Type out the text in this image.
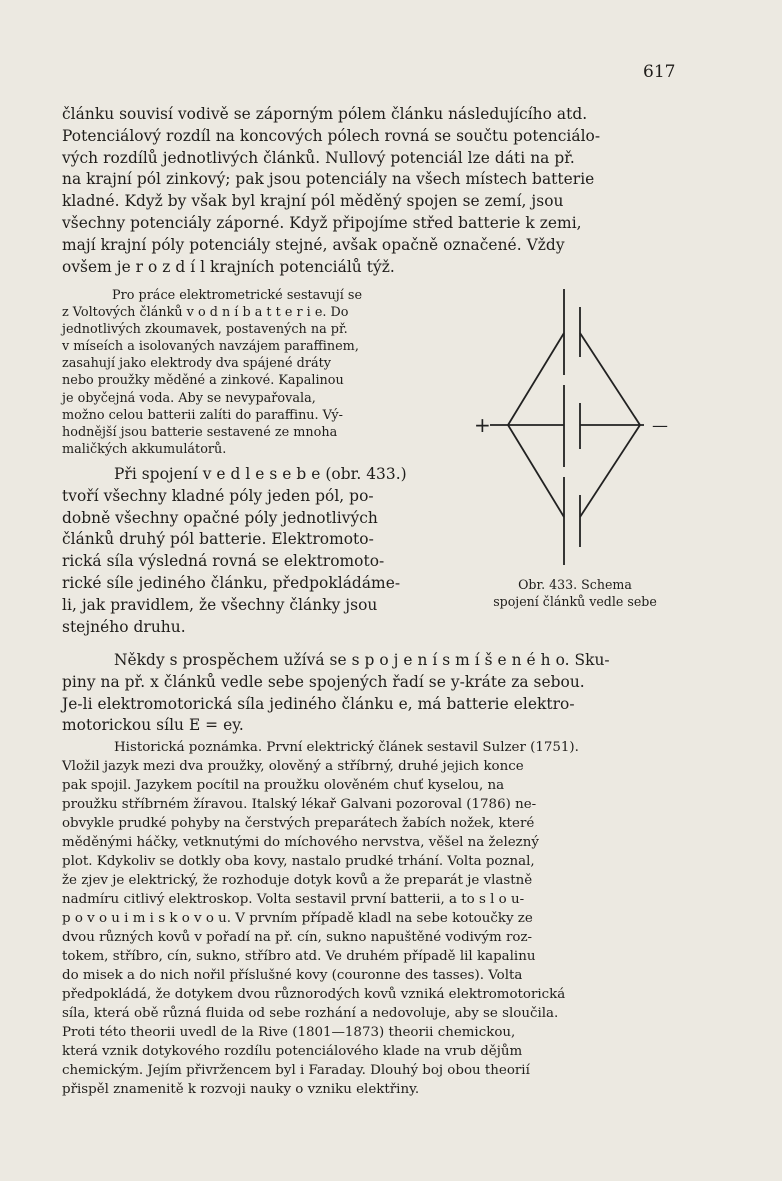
617
článku souvisí vodivě se záporným pólem článku následujícího atd.
Potenciálový rozdíl na koncových pólech rovná se součtu potenciálo-
vých rozdílů jednotlivých článků. Nullový potenciál lze dáti na př.
na krajní pól zinkový; pak jsou potenciály na všech místech batterie
kladné. Když by však byl krajní pól měděný spojen se zemí, jsou
všechny potenciály záporné. Když připojíme střed batterie k zemi,
mají krajní póly potenciály stejné, avšak opačně označené. Vždy
ovšem je r o z d í l krajních potenciálů týž.
Pro práce elektrometrické sestavují se
z Voltových článků v o d n í b a t t e r i e. Do
jednotlivých zkoumavek, postavených na př.
v míseích a isolovaných navzájem paraffinem,
zasahují jako elektrody dva spájené dráty
nebo proužky měděné a zinkové. Kapalinou
je obyčejná voda. Aby se nevypařovala,
možno celou batterii zalíti do paraffinu. Vý-
hodnější jsou batterie sestavené ze mnoha
maličkých akkumulátorů.
Při spojení v e d l e s e b e (obr. 433.)
tvoří všechny kladné póly jeden pól, po-
dobně všechny opačné póly jednotlivých
článků druhý pól batterie. Elektromoto-
rická síla výsledná rovná se elektromoto-
rické síle jediného článku, předpokládáme-
li, jak pravidlem, že všechny články jsou
stejného druhu.
+	—
Obr. 433. Schema
spojení článků vedle sebe
Někdy s prospěchem užívá se s p o j e n í s m í š e n é h o. Sku-
piny na př. x článků vedle sebe spojených řadí se y-kráte za sebou.
Je-li elektromotorická síla jediného článku e, má batterie elektro-
motorickou sílu E = ey.
Historická poznámka. První elektrický článek sestavil Sulzer (1751).
Vložil jazyk mezi dva proužky, olověný a stříbrný, druhé jejich konce
pak spojil. Jazykem pocítil na proužku olověném chuť kyselou, na
proužku stříbrném žíravou. Italský lékař Galvani pozoroval (1786) ne-
obvykle prudké pohyby na čerstvých preparátech žabích nožek, které
měděnými háčky, vetknutými do míchového nervstva, věšel na železný
plot. Kdykoliv se dotkly oba kovy, nastalo prudké trhání. Volta poznal,
že zjev je elektrický, že rozhoduje dotyk kovů a že preparát je vlastně
nadmíru citlivý elektroskop. Volta sestavil první batterii, a to s l o u-
p o v o u i m i s k o v o u. V prvním případě kladl na sebe kotoučky ze
dvou různých kovů v pořadí na př. cín, sukno napuštěné vodivým roz-
tokem, stříbro, cín, sukno, stříbro atd. Ve druhém případě lil kapalinu
do misek a do nich nořil příslušné kovy (couronne des tasses). Volta
předpokládá, že dotykem dvou různorodých kovů vzniká elektromotorická
síla, která obě různá fluida od sebe rozhání a nedovoluje, aby se sloučila.
Proti této theorii uvedl de la Rive (1801—1873) theorii chemickou,
která vznik dotykového rozdílu potenciálového klade na vrub dějům
chemickým. Jejím přivržencem byl i Faraday. Dlouhý boj obou theorií
přispěl znamenitě k rozvoji nauky o vzniku elektřiny.
